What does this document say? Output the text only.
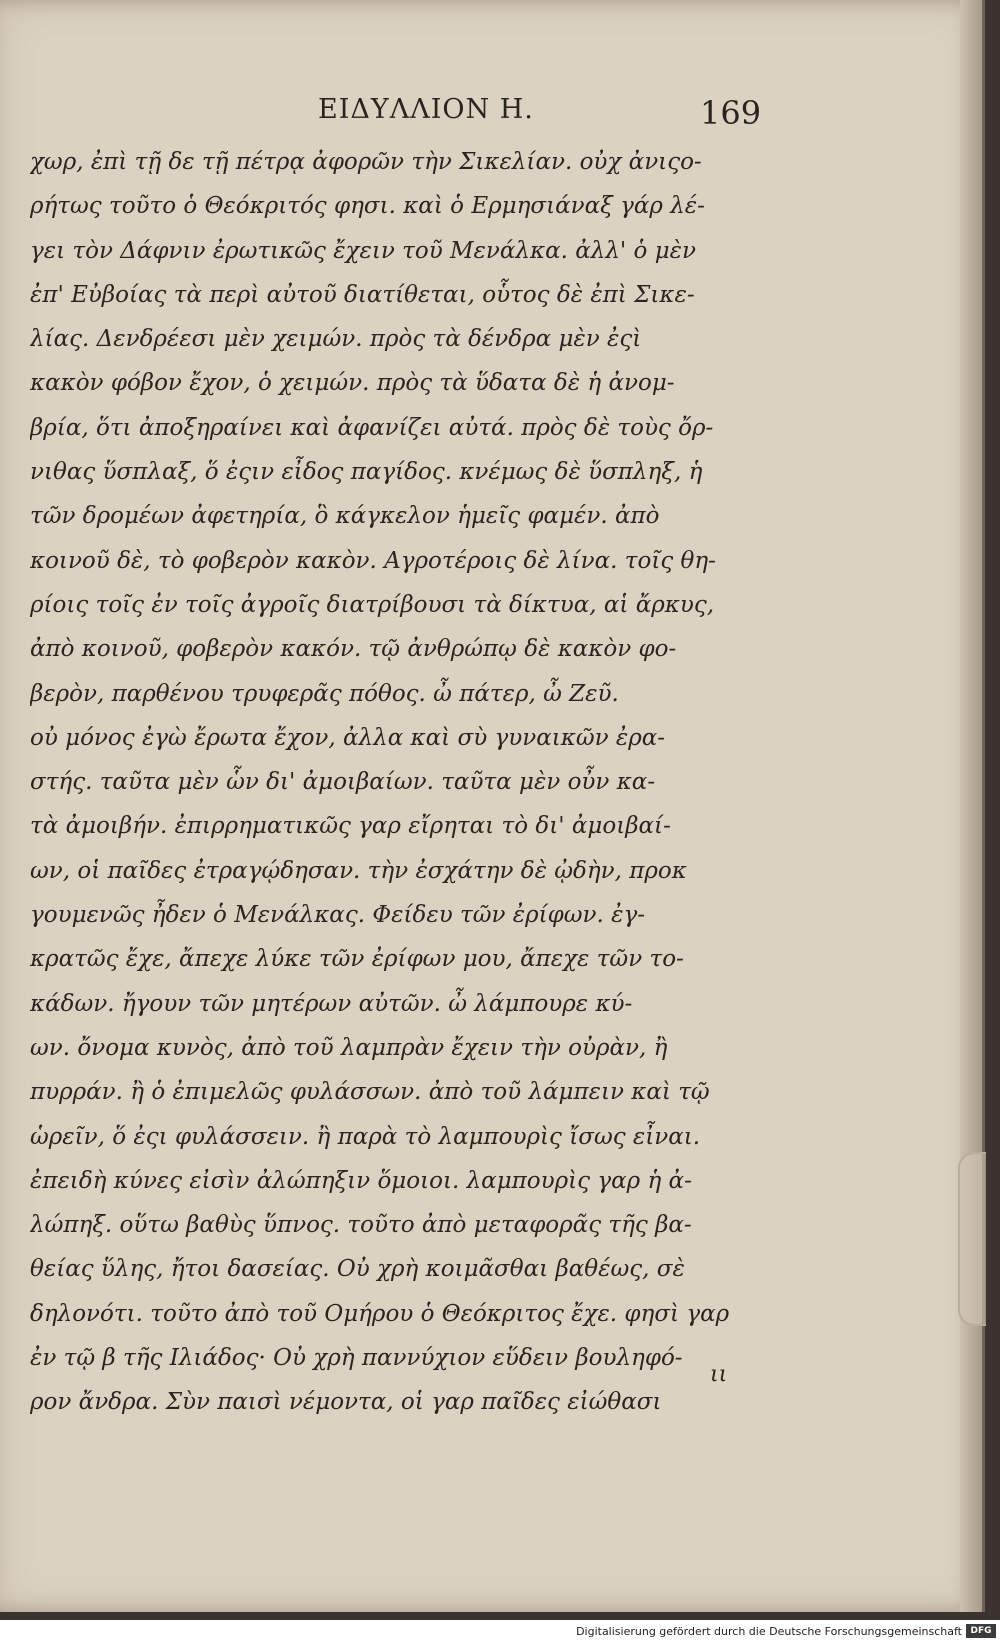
ΕΙΔΥΛΛΙΟΝ Η.	169
χωρ, ἐπὶ τῇ δε τῇ πέτρᾳ ἀφορῶν τὴν Σικελίαν. οὐχ ἀνιςο-
ρήτως τοῦτο ὁ Θεόκριτός φησι. καὶ ὁ Ερμησιάναξ γάρ λέ-
γει τὸν Δάφνιν ἐρωτικῶς ἔχειν τοῦ Μενάλκα. ἀλλ' ὁ μὲν
ἐπ' Εὐβοίας τὰ περὶ αὐτοῦ διατίθεται, οὗτος δὲ ἐπὶ Σικε-
λίας. Δενδρέεσι μὲν χειμών. πρὸς τὰ δένδρα μὲν ἐςὶ
κακὸν φόβον ἔχον, ὁ χειμών. πρὸς τὰ ὕδατα δὲ ἡ ἀνομ-
βρία, ὅτι ἀποξηραίνει καὶ ἀφανίζει αὐτά. πρὸς δὲ τοὺς ὄρ-
νιθας ὕσπλαξ, ὅ ἐςιν εἶδος παγίδος. κνέμως δὲ ὕσπληξ, ἡ
τῶν δρομέων ἀφετηρία, ὃ κάγκελον ἡμεῖς φαμέν. ἀπὸ
κοινοῦ δὲ, τὸ φοβερὸν κακὸν. Αγροτέροις δὲ λίνα. τοῖς θη-
ρίοις τοῖς ἐν τοῖς ἀγροῖς διατρίβουσι τὰ δίκτυα, αἱ ἄρκυς,
ἀπὸ κοινοῦ, φοβερὸν κακόν. τῷ ἀνθρώπῳ δὲ κακὸν φο-
βερὸν, παρθένου τρυφερᾶς πόθος. ὦ πάτερ, ὦ Ζεῦ.
οὐ μόνος ἐγὼ ἔρωτα ἔχον, ἀλλα καὶ σὺ γυναικῶν ἐρα-
στής. ταῦτα μὲν ὧν δι' ἀμοιβαίων. ταῦτα μὲν οὖν κα-
τὰ ἀμοιβήν. ἐπιρρηματικῶς γαρ εἴρηται τὸ δι' ἀμοιβαί-
ων, οἱ παῖδες ἐτραγῴδησαν. τὴν ἐσχάτην δὲ ᾠδὴν, προκ
γουμενῶς ἦδεν ὁ Μενάλκας. Φείδευ τῶν ἐρίφων. ἐγ-
κρατῶς ἔχε, ἄπεχε λύκε τῶν ἐρίφων μου, ἄπεχε τῶν το-
κάδων. ἤγουν τῶν μητέρων αὐτῶν. ὦ λάμπουρε κύ-
ων. ὄνομα κυνὸς, ἀπὸ τοῦ λαμπρὰν ἔχειν τὴν οὐρὰν, ἢ
πυρράν. ἢ ὁ ἐπιμελῶς φυλάσσων. ἀπὸ τοῦ λάμπειν καὶ τῷ
ὡρεῖν, ὅ ἐςι φυλάσσειν. ἢ παρὰ τὸ λαμπουρὶς ἴσως εἶναι.
ἐπειδὴ κύνες εἰσὶν ἀλώπηξιν ὅμοιοι. λαμπουρὶς γαρ ἡ ἀ-
λώπηξ. οὕτω βαθὺς ὕπνος. τοῦτο ἀπὸ μεταφορᾶς τῆς βα-
θείας ὕλης, ἤτοι δασείας. Οὐ χρὴ κοιμᾶσθαι βαθέως, σὲ
δηλονότι. τοῦτο ἀπὸ τοῦ Ομήρου ὁ Θεόκριτος ἔχε. φησὶ γαρ
ἐν τῷ β τῆς Ιλιάδος· Οὐ χρὴ παννύχιον εὕδειν βουληφό-
ρον ἄνδρα. Σὺν παισὶ νέμοντα, οἱ γαρ παῖδες εἰώθασι
ιι
Digitalisierung gefördert durch die Deutsche Forschungsgemeinschaft DFG
